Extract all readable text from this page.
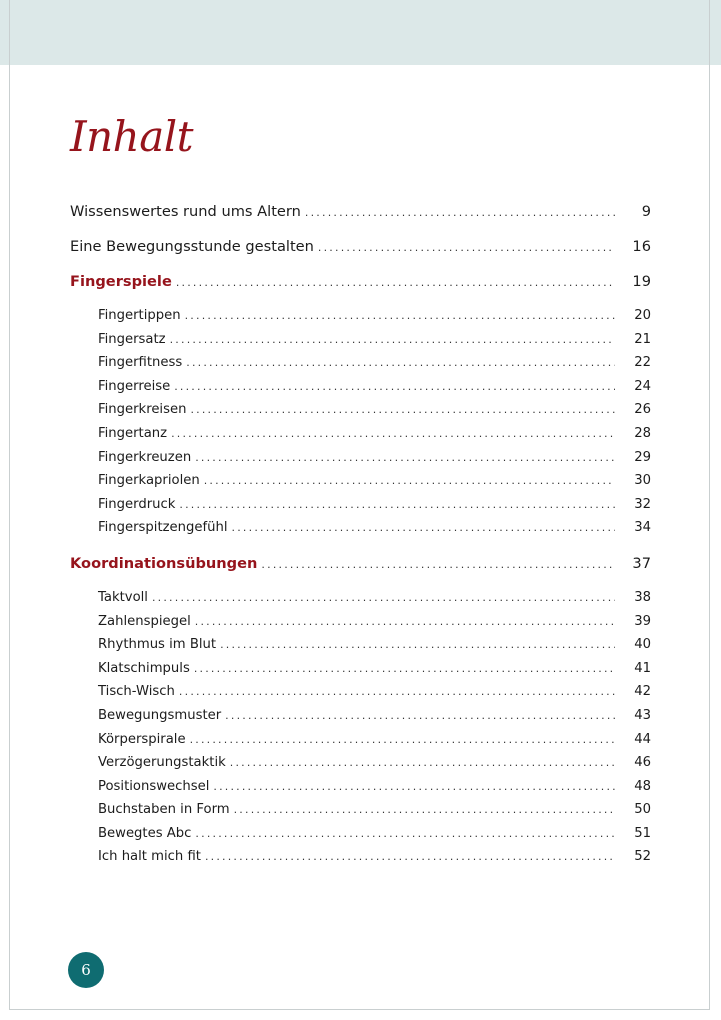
Inhalt
Wissenswertes rund ums Altern .....	9
Eine Bewegungsstunde gestalten .....	16
Fingerspiele .....	19
Fingertippen .....	20
Fingersatz .....	21
Fingerfitness .....	22
Fingerreise .....	24
Fingerkreisen .....	26
Fingertanz .....	28
Fingerkreuzen .....	29
Fingerkapriolen .....	30
Fingerdruck .....	32
Fingerspitzengefühl .....	34
Koordinationsübungen .....	37
Taktvoll .....	38
Zahlenspiegel .....	39
Rhythmus im Blut .....	40
Klatschimpuls .....	41
Tisch-Wisch .....	42
Bewegungsmuster .....	43
Körperspirale .....	44
Verzögerungstaktik .....	46
Positionswechsel .....	48
Buchstaben in Form .....	50
Bewegtes Abc .....	51
Ich halt mich fit .....	52
6
